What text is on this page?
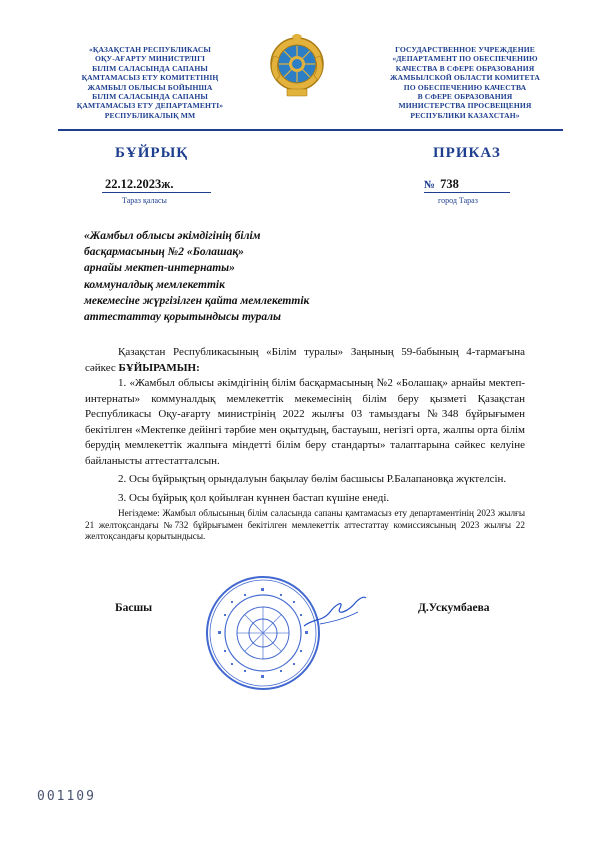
«ҚАЗАҚСТАН РЕСПУБЛИКАСЫ
ОҚУ-АҒАРТУ МИНИСТРЛІГІ
БІЛІМ САЛАСЫНДА САПАНЫ
ҚАМТАМАСЫЗ ЕТУ КОМИТЕТІНІҢ
ЖАМБЫЛ ОБЛЫСЫ БОЙЫНША
БІЛІМ САЛАСЫНДА САПАНЫ
ҚАМТАМАСЫЗ ЕТУ ДЕПАРТАМЕНТІ»
РЕСПУБЛИКАЛЫҚ ММ
ГОСУДАРСТВЕННОЕ УЧРЕЖДЕНИЕ
«ДЕПАРТАМЕНТ ПО ОБЕСПЕЧЕНИЮ
КАЧЕСТВА В СФЕРЕ ОБРАЗОВАНИЯ
ЖАМБЫЛСКОЙ ОБЛАСТИ КОМИТЕТА
ПО ОБЕСПЕЧЕНИЮ КАЧЕСТВА
В СФЕРЕ ОБРАЗОВАНИЯ
МИНИСТЕРСТВА ПРОСВЕЩЕНИЯ
РЕСПУБЛИКИ КАЗАХСТАН»
БҰЙРЫҚ	ПРИКАЗ
22.12.2023ж.	№ 738
Тараз қаласы	город Тараз
«Жамбыл облысы әкімдігінің білім
басқармасының №2 «Болашақ»
арнайы мектеп-интернаты»
коммуналдық мемлекеттік
мекемесіне жүргізілген қайта мемлекеттік
аттестаттау қорытындысы туралы

Қазақстан Республикасының «Білім туралы» Заңының 59-бабының 4-тармағына сәйкес БҰЙЫРАМЫН:

1. «Жамбыл облысы әкімдігінің білім басқармасының №2 «Болашақ» арнайы мектеп-интернаты» коммуналдық мемлекеттік мекемесінің білім беру қызметі Қазақстан Республикасы Оқу-ағарту министрінің 2022 жылғы 03 тамыздағы №348 бұйрығымен бекітілген «Мектепке дейінгі тәрбие мен оқытудың, бастауыш, негізгі орта, жалпы орта білім берудің мемлекеттік жалпыға міндетті білім беру стандарты» талаптарына сәйкес келуіне байланысты аттестатталсын.

2. Осы бұйрықтың орындалуын бақылау бөлім басшысы Р.Балапановқа жүктелсін.

3. Осы бұйрық қол қойылған күннен бастап күшіне енеді.

Негіздеме: Жамбыл облысының білім саласында сапаны қамтамасыз ету департаментінің 2023 жылғы 21 желтоқсандағы №732 бұйрығымен бекітілген мемлекеттік аттестаттау комиссиясының 2023 жылғы 22 желтоқсандағы қорытындысы.

Басшы	Д.Ускумбаева
001109
